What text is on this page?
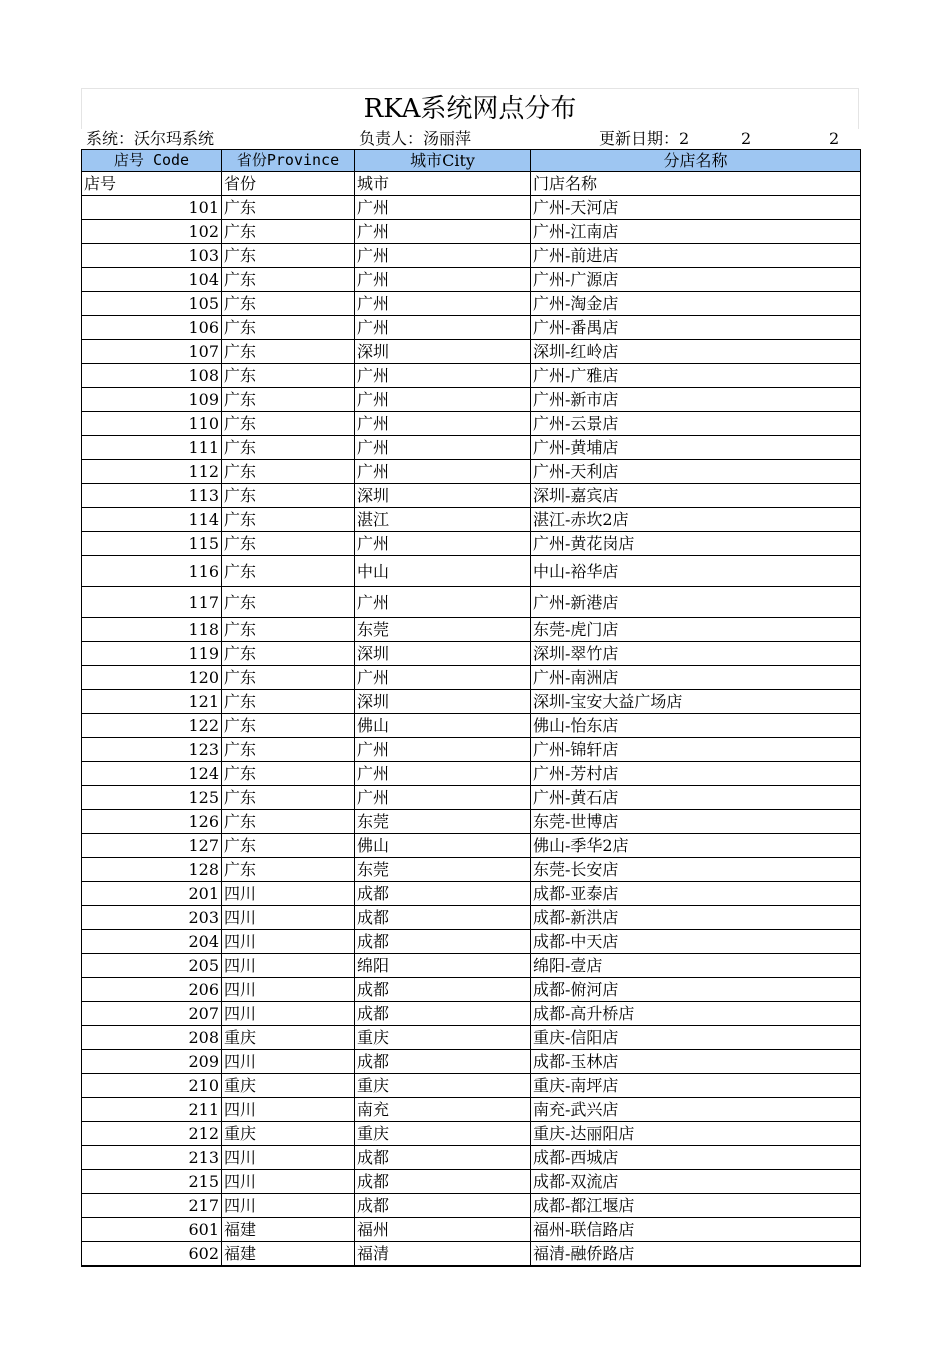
RKA系统网点分布
系统：沃尔玛系统	负责人：汤丽萍	更新日期：2	2	2
店号 Code	省份Province	城市City	分店名称
店号	省份	城市	门店名称
101	广东	广州	广州-天河店
102	广东	广州	广州-江南店
103	广东	广州	广州-前进店
104	广东	广州	广州-广源店
105	广东	广州	广州-淘金店
106	广东	广州	广州-番禺店
107	广东	深圳	深圳-红岭店
108	广东	广州	广州-广雅店
109	广东	广州	广州-新市店
110	广东	广州	广州-云景店
111	广东	广州	广州-黄埔店
112	广东	广州	广州-天利店
113	广东	深圳	深圳-嘉宾店
114	广东	湛江	湛江-赤坎2店
115	广东	广州	广州-黄花岗店
116	广东	中山	中山-裕华店
117	广东	广州	广州-新港店
118	广东	东莞	东莞-虎门店
119	广东	深圳	深圳-翠竹店
120	广东	广州	广州-南洲店
121	广东	深圳	深圳-宝安大益广场店
122	广东	佛山	佛山-怡东店
123	广东	广州	广州-锦轩店
124	广东	广州	广州-芳村店
125	广东	广州	广州-黄石店
126	广东	东莞	东莞-世博店
127	广东	佛山	佛山-季华2店
128	广东	东莞	东莞-长安店
201	四川	成都	成都-亚泰店
203	四川	成都	成都-新洪店
204	四川	成都	成都-中天店
205	四川	绵阳	绵阳-壹店
206	四川	成都	成都-俯河店
207	四川	成都	成都-高升桥店
208	重庆	重庆	重庆-信阳店
209	四川	成都	成都-玉林店
210	重庆	重庆	重庆-南坪店
211	四川	南充	南充-武兴店
212	重庆	重庆	重庆-达丽阳店
213	四川	成都	成都-西城店
215	四川	成都	成都-双流店
217	四川	成都	成都-都江堰店
601	福建	福州	福州-联信路店
602	福建	福清	福清-融侨路店
